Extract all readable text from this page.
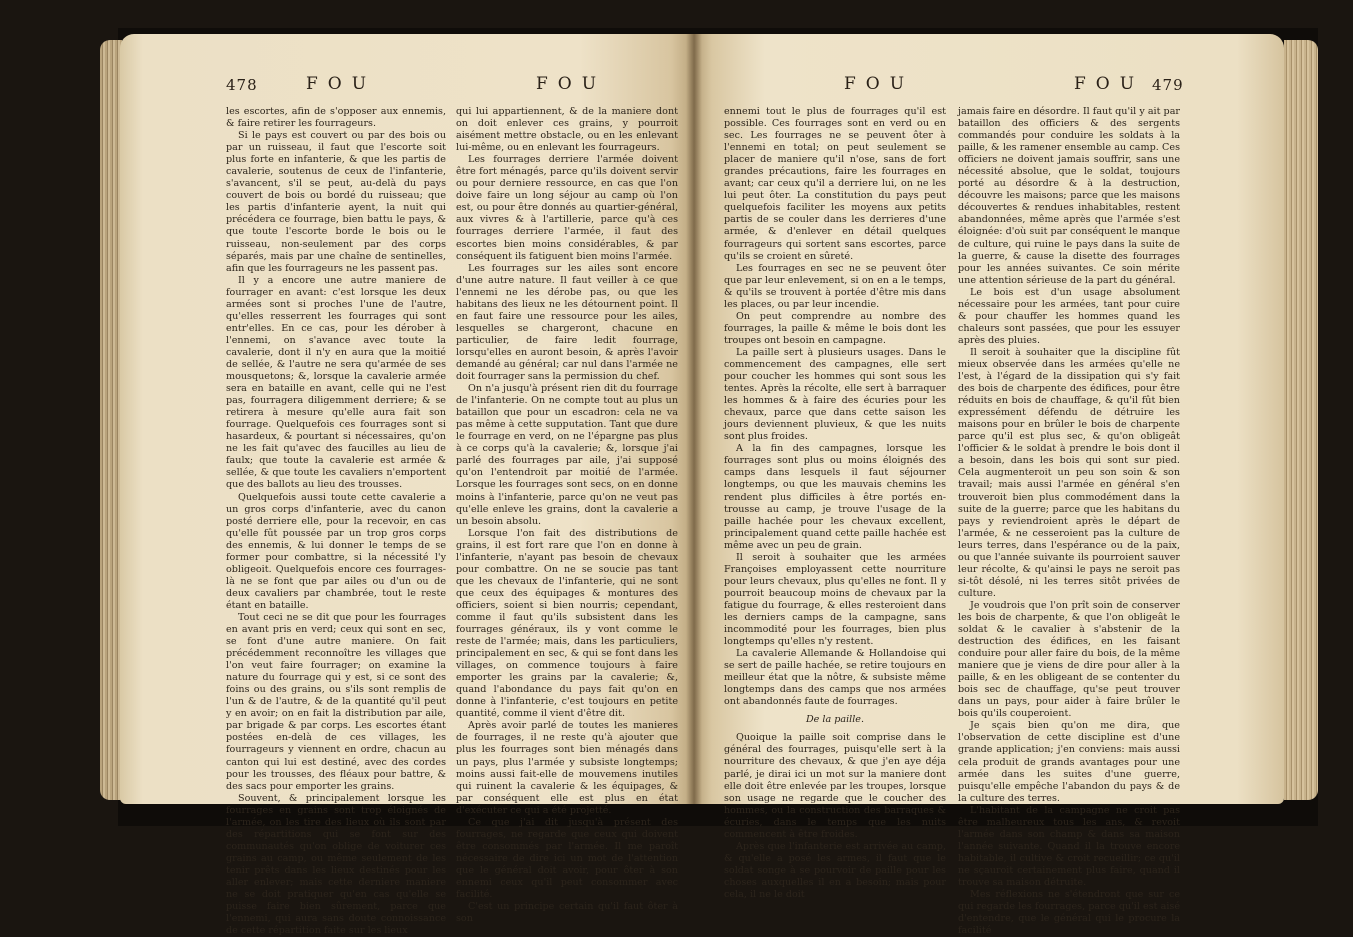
478	FOU	FOU

les escortes, afin de s'opposer aux ennemis, & faire retirer les fourrageurs.

Si le pays est couvert ou par des bois ou par un ruisseau, il faut que l'escorte soit plus forte en infanterie, & que les partis de cavalerie, soutenus de ceux de l'infanterie, s'avancent, s'il se peut, au-delà du pays couvert de bois ou bordé du ruisseau; que les partis d'infanterie ayent, la nuit qui précédera ce fourrage, bien battu le pays, & que toute l'escorte borde le bois ou le ruisseau, non-seulement par des corps séparés, mais par une chaîne de sentinelles, afin que les fourrageurs ne les passent pas.

Il y a encore une autre maniere de fourrager en avant: c'est lorsque les deux armées sont si proches l'une de l'autre, qu'elles resserrent les fourrages qui sont entr'elles. En ce cas, pour les dérober à l'ennemi, on s'avance avec toute la cavalerie, dont il n'y en aura que la moitié de sellée, & l'autre ne sera qu'armée de ses mousquetons; &, lorsque la cavalerie armée sera en bataille en avant, celle qui ne l'est pas, fourragera diligemment derriere; & se retirera à mesure qu'elle aura fait son fourrage. Quelquefois ces fourrages sont si hasardeux, & pourtant si nécessaires, qu'on ne les fait qu'avec des faucilles au lieu de faulx; que toute la cavalerie est armée & sellée, & que toute les cavaliers n'emportent que des ballots au lieu des trousses.

Quelquefois aussi toute cette cavalerie a un gros corps d'infanterie, avec du canon posté derriere elle, pour la recevoir, en cas qu'elle fût poussée par un trop gros corps des ennemis, & lui donner le temps de se former pour combattre, si la nécessité l'y obligeoit. Quelquefois encore ces fourrages-là ne se font que par ailes ou d'un ou de deux cavaliers par chambrée, tout le reste étant en bataille.

Tout ceci ne se dit que pour les fourrages en avant pris en verd; ceux qui sont en sec, se font d'une autre maniere. On fait précédemment reconnoître les villages que l'on veut faire fourrager; on examine la nature du fourrage qui y est, si ce sont des foins ou des grains, ou s'ils sont remplis de l'un & de l'autre, & de la quantité qu'il peut y en avoir; on en fait la distribution par aile, par brigade & par corps. Les escortes étant postées en-delà de ces villages, les fourrageurs y viennent en ordre, chacun au canton qui lui est destiné, avec des cordes pour les trousses, des fléaux pour battre, & des sacs pour emporter les grains.

Souvent, & principalement lorsque les fourrages en grains sont trop éloignés de l'armée, on les tire des lieux où ils sont par des répartitions qui se font sur des communautés qu'on oblige de voiturer ces grains au camp, ou même seulement de les tenir prêts dans les lieux destinés pour les aller enlever; mais cette derniere maniere ne se doit pratiquer qu'en cas qu'elle se puisse faire bien sûrement, parce que l'ennemi, qui aura sans doute connoissance de cette répartition faite sur les lieux

qui lui appartiennent, & de la maniere dont on doit enlever ces grains, y pourroit aisément mettre obstacle, ou en les enlevant lui-même, ou en enlevant les fourrageurs.

Les fourrages derriere l'armée doivent être fort ménagés, parce qu'ils doivent servir ou pour derniere ressource, en cas que l'on doive faire un long séjour au camp où l'on est, ou pour être donnés au quartier-général, aux vivres & à l'artillerie, parce qu'à ces fourrages derriere l'armée, il faut des escortes bien moins considérables, & par conséquent ils fatiguent bien moins l'armée.

Les fourrages sur les ailes sont encore d'une autre nature. Il faut veiller à ce que l'ennemi ne les dérobe pas, ou que les habitans des lieux ne les détournent point. Il en faut faire une ressource pour les ailes, lesquelles se chargeront, chacune en particulier, de faire ledit fourrage, lorsqu'elles en auront besoin, & après l'avoir demandé au général; car nul dans l'armée ne doit fourrager sans la permission du chef.

On n'a jusqu'à présent rien dit du fourrage de l'infanterie. On ne compte tout au plus un bataillon que pour un escadron: cela ne va pas même à cette supputation. Tant que dure le fourrage en verd, on ne l'épargne pas plus à ce corps qu'à la cavalerie; &, lorsque j'ai parlé des fourrages par aile, j'ai supposé qu'on l'entendroit par moitié de l'armée. Lorsque les fourrages sont secs, on en donne moins à l'infanterie, parce qu'on ne veut pas qu'elle enleve les grains, dont la cavalerie a un besoin absolu.

Lorsque l'on fait des distributions de grains, il est fort rare que l'on en donne à l'infanterie, n'ayant pas besoin de chevaux pour combattre. On ne se soucie pas tant que les chevaux de l'infanterie, qui ne sont que ceux des équipages & montures des officiers, soient si bien nourris; cependant, comme il faut qu'ils subsistent dans les fourrages généraux, ils y vont comme le reste de l'armée; mais, dans les particuliers, principalement en sec, & qui se font dans les villages, on commence toujours à faire emporter les grains par la cavalerie; &, quand l'abondance du pays fait qu'on en donne à l'infanterie, c'est toujours en petite quantité, comme il vient d'être dit.

Après avoir parlé de toutes les manieres de fourrages, il ne reste qu'à ajouter que plus les fourrages sont bien ménagés dans un pays, plus l'armée y subsiste longtemps; moins aussi fait-elle de mouvemens inutiles qui ruinent la cavalerie & les équipages, & par conséquent elle est plus en état d'exécuter ce qui a été projetté.

Ce que j'ai dit jusqu'à présent des fourrages, ne regarde que ceux qui doivent être consommés par l'armée. Il me paroît nécessaire de dire ici un mot de l'attention que le général doit avoir, pour ôter à son ennemi ceux qu'il peut consommer avec facilité.

C'est un principe certain qu'il faut ôter à son

FOU	FOU 479

ennemi tout le plus de fourrages qu'il est possible. Ces fourrages sont en verd ou en sec. Les fourrages ne se peuvent ôter à l'ennemi en total; on peut seulement se placer de maniere qu'il n'ose, sans de fort grandes précautions, faire les fourrages en avant; car ceux qu'il a derriere lui, on ne les lui peut ôter. La constitution du pays peut quelquefois faciliter les moyens aux petits partis de se couler dans les derrieres d'une armée, & d'enlever en détail quelques fourrageurs qui sortent sans escortes, parce qu'ils se croient en sûreté.

Les fourrages en sec ne se peuvent ôter que par leur enlevement, si on en a le temps, & qu'ils se trouvent à portée d'être mis dans les places, ou par leur incendie.

On peut comprendre au nombre des fourrages, la paille & même le bois dont les troupes ont besoin en campagne.

La paille sert à plusieurs usages. Dans le commencement des campagnes, elle sert pour coucher les hommes qui sont sous les tentes. Après la récolte, elle sert à barraquer les hommes & à faire des écuries pour les chevaux, parce que dans cette saison les jours deviennent pluvieux, & que les nuits sont plus froides.

A la fin des campagnes, lorsque les fourrages sont plus ou moins éloignés des camps dans lesquels il faut séjourner longtemps, ou que les mauvais chemins les rendent plus difficiles à être portés en-trousse au camp, je trouve l'usage de la paille hachée pour les chevaux excellent, principalement quand cette paille hachée est même avec un peu de grain.

Il seroit à souhaiter que les armées Françoises employassent cette nourriture pour leurs chevaux, plus qu'elles ne font. Il y pourroit beaucoup moins de chevaux par la fatigue du fourrage, & elles resteroient dans les derniers camps de la campagne, sans incommodité pour les fourrages, bien plus longtemps qu'elles n'y restent.

La cavalerie Allemande & Hollandoise qui se sert de paille hachée, se retire toujours en meilleur état que la nôtre, & subsiste même longtemps dans des camps que nos armées ont abandonnés faute de fourrages.

De la paille.

Quoique la paille soit comprise dans le général des fourrages, puisqu'elle sert à la nourriture des chevaux, & que j'en aye déja parlé, je dirai ici un mot sur la maniere dont elle doit être enlevée par les troupes, lorsque son usage ne regarde que le coucher des hommes, ou la construction des barraques & écuries, dans le temps que les nuits commencent à être froides.

Après que l'infanterie est arrivée au camp, & qu'elle a posé les armes, il faut que le soldat songe à se pourvoir de paille pour les choses auxquelles il en a besoin; mais pour cela, il ne le doit

jamais faire en désordre. Il faut qu'il y ait par bataillon des officiers & des sergents commandés pour conduire les soldats à la paille, & les ramener ensemble au camp. Ces officiers ne doivent jamais souffrir, sans une nécessité absolue, que le soldat, toujours porté au désordre & à la destruction, découvre les maisons; parce que les maisons découvertes & rendues inhabitables, restent abandonnées, même après que l'armée s'est éloignée: d'où suit par conséquent le manque de culture, qui ruine le pays dans la suite de la guerre, & cause la disette des fourrages pour les années suivantes. Ce soin mérite une attention sérieuse de la part du général.

Le bois est d'un usage absolument nécessaire pour les armées, tant pour cuire & pour chauffer les hommes quand les chaleurs sont passées, que pour les essuyer après des pluies.

Il seroit à souhaiter que la discipline fût mieux observée dans les armées qu'elle ne l'est, à l'égard de la dissipation qui s'y fait des bois de charpente des édifices, pour être réduits en bois de chauffage, & qu'il fût bien expressément défendu de détruire les maisons pour en brûler le bois de charpente parce qu'il est plus sec, & qu'on obligeât l'officier & le soldat à prendre le bois dont il a besoin, dans les bois qui sont sur pied. Cela augmenteroit un peu son soin & son travail; mais aussi l'armée en général s'en trouveroit bien plus commodément dans la suite de la guerre; parce que les habitans du pays y reviendroient après le départ de l'armée, & ne cesseroient pas la culture de leurs terres, dans l'espérance ou de la paix, ou que l'année suivante ils pourroient sauver leur récolte, & qu'ainsi le pays ne seroit pas si-tôt désolé, ni les terres sitôt privées de culture.

Je voudrois que l'on prît soin de conserver les bois de charpente, & que l'on obligeât le soldat & le cavalier à s'abstenir de la destruction des édifices, en les faisant conduire pour aller faire du bois, de la même maniere que je viens de dire pour aller à la paille, & en les obligeant de se contenter du bois sec de chauffage, qu'se peut trouver dans un pays, pour aider à faire brûler le bois qu'ils couperoient.

Je sçais bien qu'on me dira, que l'observation de cette discipline est d'une grande application; j'en conviens: mais aussi cela produit de grands avantages pour une armée dans les suites d'une guerre, puisqu'elle empêche l'abandon du pays & de la culture des terres.

L'habitant de la campagne ne croit pas être malheureux tous les ans, & revoit l'armée dans son champ & dans sa maison l'année suivante. Quand il la trouve encore habitable, il cultive & croit recueillir; ce qu'il ne sçauroit certainement plus faire, quand il trouve sa maison détruite.

Mes réflexions ne s'étendront que sur ce qui regarde les fourrages, parce qu'il est aisé d'entendre, que le général qui le procure la facilité
